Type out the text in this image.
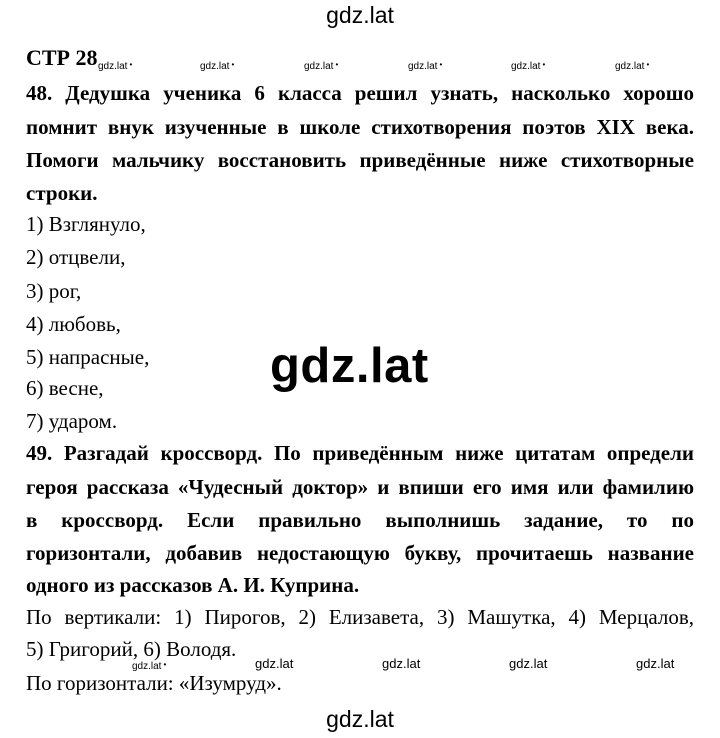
gdz.lat
gdz.lat
gdz.lat
gdz.lat •	gdz.lat •	gdz.lat •	gdz.lat •	gdz.lat •	gdz.lat •
gdz.lat •	gdz.lat	gdz.lat	gdz.lat	gdz.lat
СТР 28
48. Дедушка ученика 6 класса решил узнать, насколько хорошо
помнит внук изученные в школе стихотворения поэтов XIX века.
Помоги мальчику восстановить приведённые ниже стихотворные
строки.
1) Взглянуло,
2) отцвели,
3) рог,
4) любовь,
5) напрасные,
6) весне,
7) ударом.
49. Разгадай кроссворд. По приведённым ниже цитатам определи
героя рассказа «Чудесный доктор» и впиши его имя или фамилию
в кроссворд. Если правильно выполнишь задание, то по
горизонтали, добавив недостающую букву, прочитаешь название
одного из рассказов А. И. Куприна.
По вертикали: 1) Пирогов, 2) Елизавета, 3) Машутка, 4) Мерцалов,
5) Григорий, 6) Володя.
По горизонтали: «Изумруд».
